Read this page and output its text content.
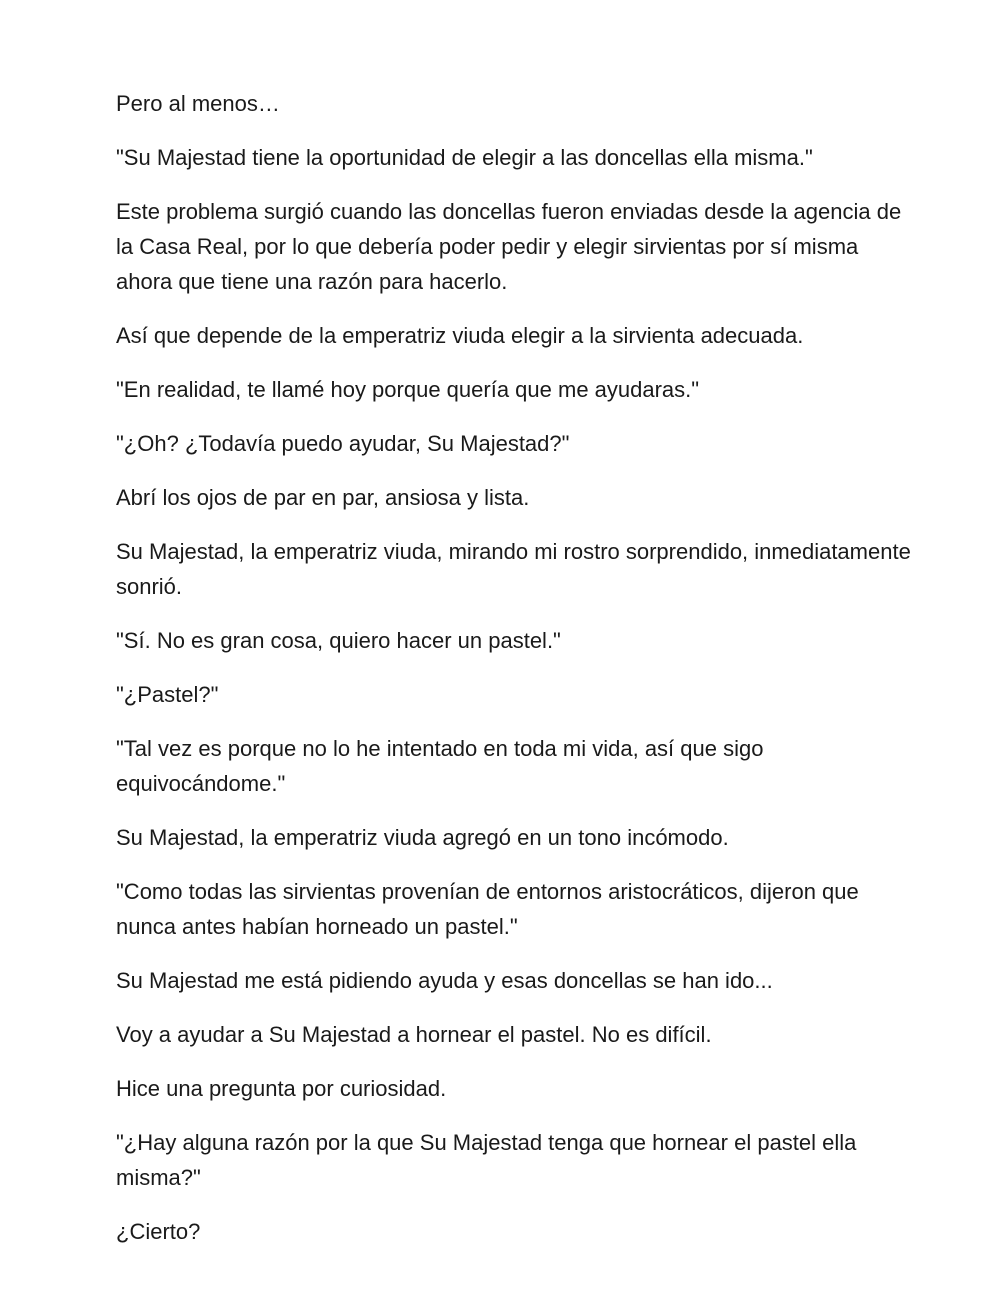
Pero al menos…

"Su Majestad tiene la oportunidad de elegir a las doncellas ella misma."

Este problema surgió cuando las doncellas fueron enviadas desde la agencia de la Casa Real, por lo que debería poder pedir y elegir sirvientas por sí misma ahora que tiene una razón para hacerlo.

Así que depende de la emperatriz viuda elegir a la sirvienta adecuada.

"En realidad, te llamé hoy porque quería que me ayudaras."

"¿Oh? ¿Todavía puedo ayudar, Su Majestad?"

Abrí los ojos de par en par, ansiosa y lista.

Su Majestad, la emperatriz viuda, mirando mi rostro sorprendido, inmediatamente sonrió.

"Sí. No es gran cosa, quiero hacer un pastel."

"¿Pastel?"

"Tal vez es porque no lo he intentado en toda mi vida, así que sigo equivocándome."

Su Majestad, la emperatriz viuda agregó en un tono incómodo.

"Como todas las sirvientas provenían de entornos aristocráticos, dijeron que nunca antes habían horneado un pastel."

Su Majestad me está pidiendo ayuda y esas doncellas se han ido...

Voy a ayudar a Su Majestad a hornear el pastel. No es difícil.

Hice una pregunta por curiosidad.

"¿Hay alguna razón por la que Su Majestad tenga que hornear el pastel ella misma?"

¿Cierto?
